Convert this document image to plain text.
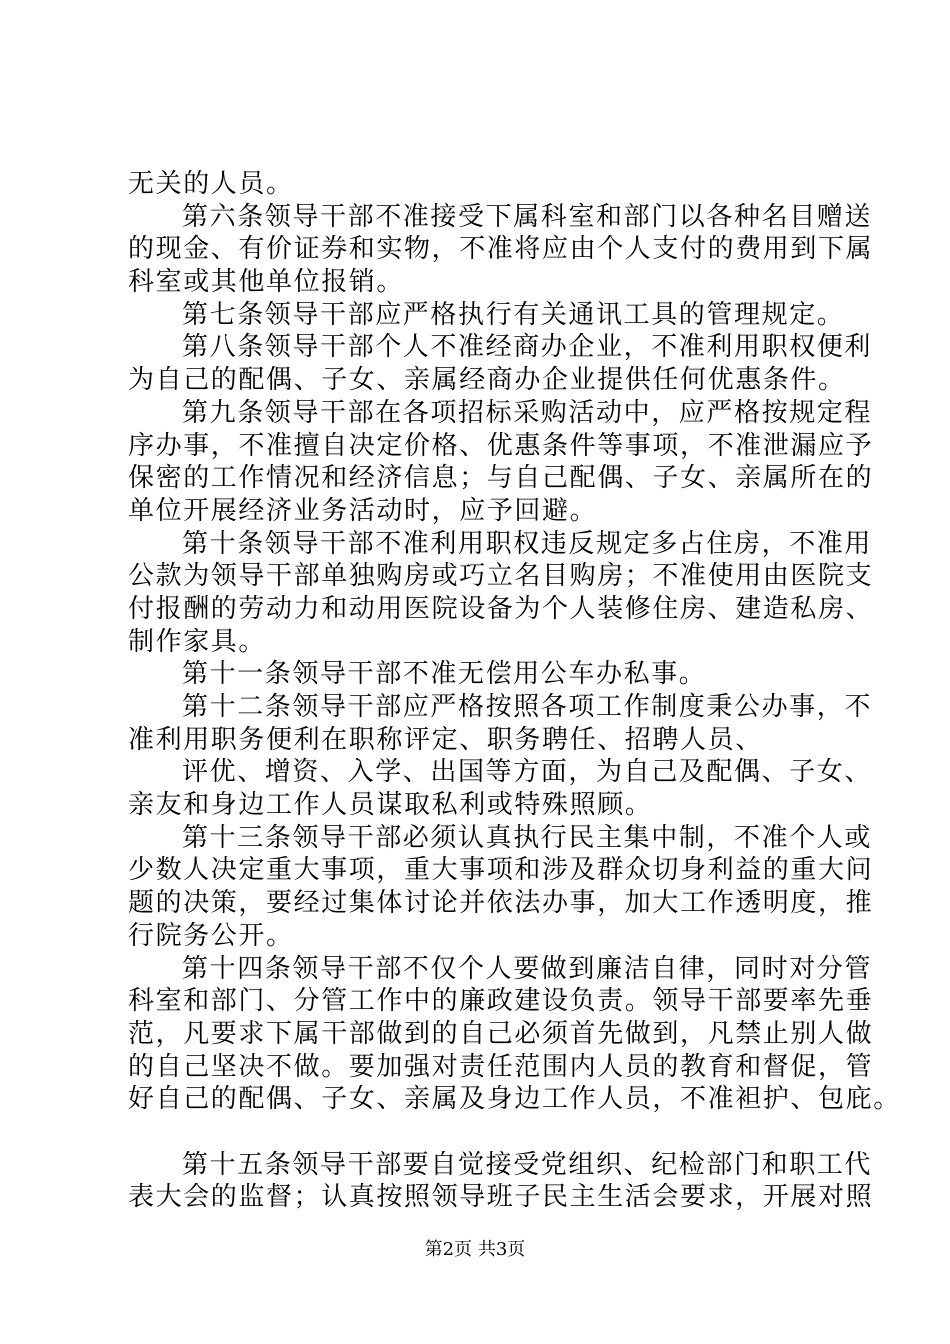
无关的人员。
第六条领导干部不准接受下属科室和部门以各种名目赠送
的现金、有价证券和实物，不准将应由个人支付的费用到下属
科室或其他单位报销。
第七条领导干部应严格执行有关通讯工具的管理规定。
第八条领导干部个人不准经商办企业，不准利用职权便利
为自己的配偶、子女、亲属经商办企业提供任何优惠条件。
第九条领导干部在各项招标采购活动中，应严格按规定程
序办事，不准擅自决定价格、优惠条件等事项，不准泄漏应予
保密的工作情况和经济信息；与自己配偶、子女、亲属所在的
单位开展经济业务活动时，应予回避。
第十条领导干部不准利用职权违反规定多占住房，不准用
公款为领导干部单独购房或巧立名目购房；不准使用由医院支
付报酬的劳动力和动用医院设备为个人装修住房、建造私房、
制作家具。
第十一条领导干部不准无偿用公车办私事。
第十二条领导干部应严格按照各项工作制度秉公办事，不
准利用职务便利在职称评定、职务聘任、招聘人员、
评优、增资、入学、出国等方面，为自己及配偶、子女、
亲友和身边工作人员谋取私利或特殊照顾。
第十三条领导干部必须认真执行民主集中制，不准个人或
少数人决定重大事项，重大事项和涉及群众切身利益的重大问
题的决策，要经过集体讨论并依法办事，加大工作透明度，推
行院务公开。
第十四条领导干部不仅个人要做到廉洁自律，同时对分管
科室和部门、分管工作中的廉政建设负责。领导干部要率先垂
范，凡要求下属干部做到的自己必须首先做到，凡禁止别人做
的自己坚决不做。要加强对责任范围内人员的教育和督促，管
好自己的配偶、子女、亲属及身边工作人员，不准袒护、包庇。
第十五条领导干部要自觉接受党组织、纪检部门和职工代
表大会的监督；认真按照领导班子民主生活会要求，开展对照
第2页 共3页
